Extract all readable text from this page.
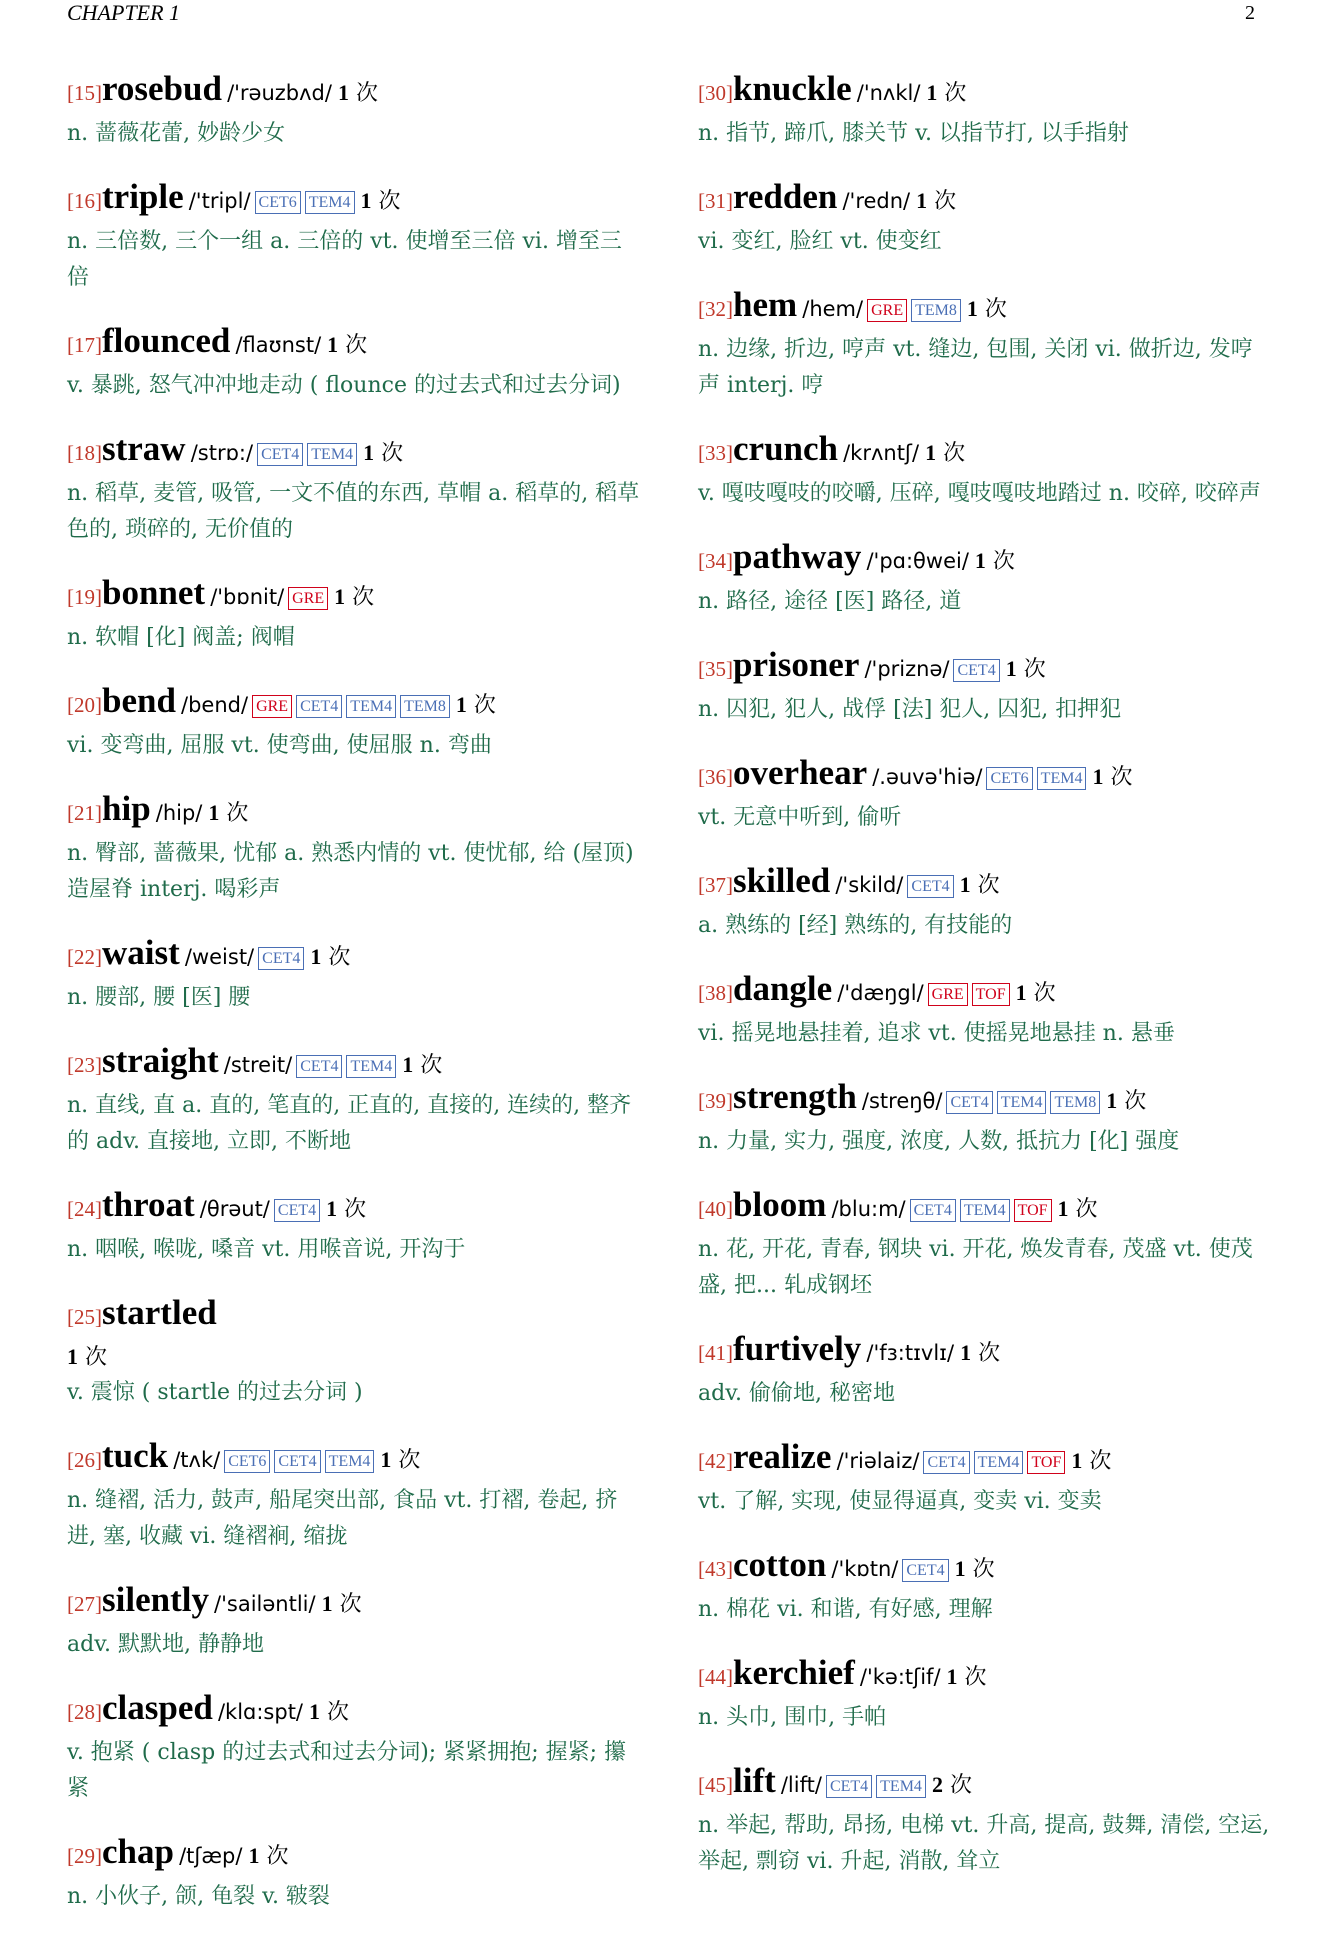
CHAPTER 1	2
[15]rosebud /'rəuzbʌd/ 1 次
n. 蔷薇花蕾, 妙龄少女
[16]triple /'tripl/ CET6 TEM4 1 次
n. 三倍数, 三个一组 a. 三倍的 vt. 使增至三倍 vi. 增至三倍
[17]flounced /flaʊnst/ 1 次
v. 暴跳, 怒气冲冲地走动 ( flounce 的过去式和过去分词)
[18]straw /strɒ:/ CET4 TEM4 1 次
n. 稻草, 麦管, 吸管, 一文不值的东西, 草帽 a. 稻草的, 稻草色的, 琐碎的, 无价值的
[19]bonnet /'bɒnit/ GRE 1 次
n. 软帽 [化] 阀盖; 阀帽
[20]bend /bend/ GRE CET4 TEM4 TEM8 1 次
vi. 变弯曲, 屈服 vt. 使弯曲, 使屈服 n. 弯曲
[21]hip /hip/ 1 次
n. 臀部, 蔷薇果, 忧郁 a. 熟悉内情的 vt. 使忧郁, 给 (屋顶) 造屋脊 interj. 喝彩声
[22]waist /weist/ CET4 1 次
n. 腰部, 腰 [医] 腰
[23]straight /streit/ CET4 TEM4 1 次
n. 直线, 直 a. 直的, 笔直的, 正直的, 直接的, 连续的, 整齐的 adv. 直接地, 立即, 不断地
[24]throat /θrəut/ CET4 1 次
n. 咽喉, 喉咙, 嗓音 vt. 用喉音说, 开沟于
[25]startled
1 次
v. 震惊 ( startle 的过去分词 )
[26]tuck /tʌk/ CET6 CET4 TEM4 1 次
n. 缝褶, 活力, 鼓声, 船尾突出部, 食品 vt. 打褶, 卷起, 挤进, 塞, 收藏 vi. 缝褶裥, 缩拢
[27]silently /'sailəntli/ 1 次
adv. 默默地, 静静地
[28]clasped /klɑ:spt/ 1 次
v. 抱紧 ( clasp 的过去式和过去分词); 紧紧拥抱; 握紧; 攥紧
[29]chap /tʃæp/ 1 次
n. 小伙子, 颌, 龟裂 v. 皲裂
[30]knuckle /'nʌkl/ 1 次
n. 指节, 蹄爪, 膝关节 v. 以指节打, 以手指射
[31]redden /'redn/ 1 次
vi. 变红, 脸红 vt. 使变红
[32]hem /hem/ GRE TEM8 1 次
n. 边缘, 折边, 哼声 vt. 缝边, 包围, 关闭 vi. 做折边, 发哼声 interj. 哼
[33]crunch /krʌntʃ/ 1 次
v. 嘎吱嘎吱的咬嚼, 压碎, 嘎吱嘎吱地踏过 n. 咬碎, 咬碎声
[34]pathway /'pɑ:θwei/ 1 次
n. 路径, 途径 [医] 路径, 道
[35]prisoner /'priznə/ CET4 1 次
n. 囚犯, 犯人, 战俘 [法] 犯人, 囚犯, 扣押犯
[36]overhear /.əuvə'hiə/ CET6 TEM4 1 次
vt. 无意中听到, 偷听
[37]skilled /'skild/ CET4 1 次
a. 熟练的 [经] 熟练的, 有技能的
[38]dangle /'dæŋgl/ GRE TOF 1 次
vi. 摇晃地悬挂着, 追求 vt. 使摇晃地悬挂 n. 悬垂
[39]strength /streŋθ/ CET4 TEM4 TEM8 1 次
n. 力量, 实力, 强度, 浓度, 人数, 抵抗力 [化] 强度
[40]bloom /blu:m/ CET4 TEM4 TOF 1 次
n. 花, 开花, 青春, 钢块 vi. 开花, 焕发青春, 茂盛 vt. 使茂盛, 把... 轧成钢坯
[41]furtively /'fɜ:tɪvlɪ/ 1 次
adv. 偷偷地, 秘密地
[42]realize /'riəlaiz/ CET4 TEM4 TOF 1 次
vt. 了解, 实现, 使显得逼真, 变卖 vi. 变卖
[43]cotton /'kɒtn/ CET4 1 次
n. 棉花 vi. 和谐, 有好感, 理解
[44]kerchief /'kə:tʃif/ 1 次
n. 头巾, 围巾, 手帕
[45]lift /lift/ CET4 TEM4 2 次
n. 举起, 帮助, 昂扬, 电梯 vt. 升高, 提高, 鼓舞, 清偿, 空运, 举起, 剽窃 vi. 升起, 消散, 耸立
